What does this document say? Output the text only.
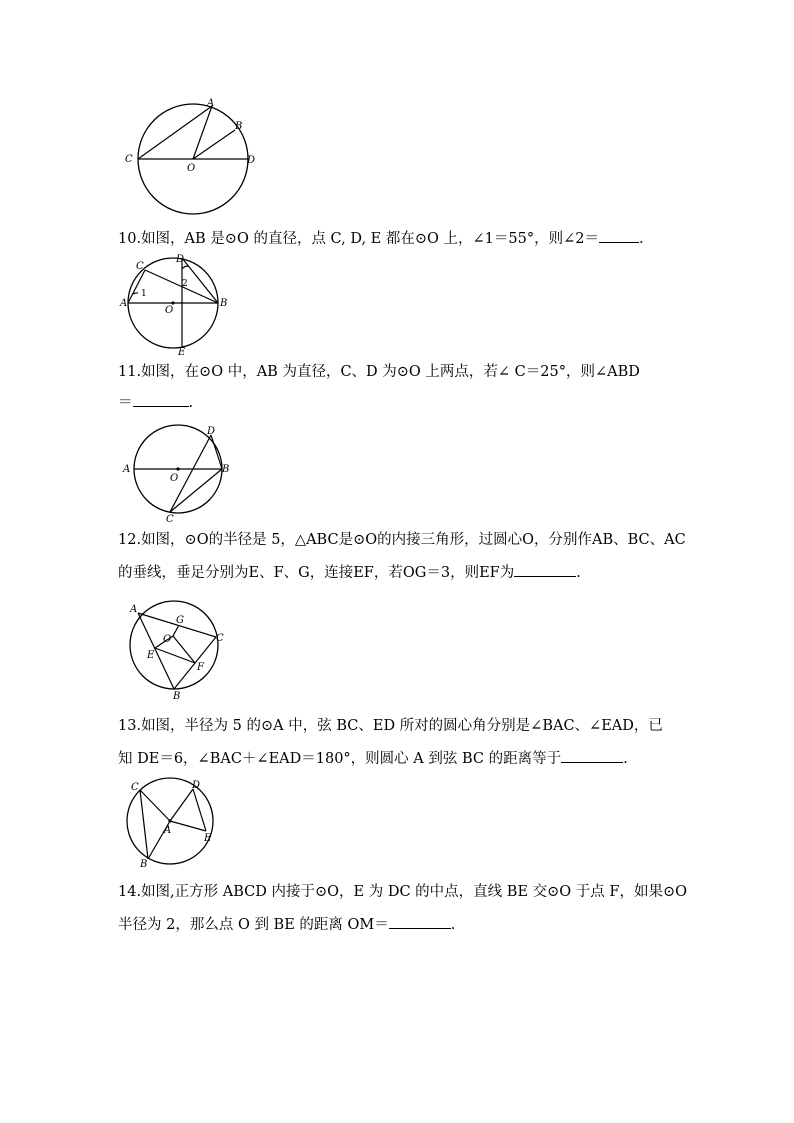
A
B
C	D
O
10.如图，AB 是⊙O 的直径，点 C, D, E 都在⊙O 上，∠1＝55°，则∠2＝	.
C
D
A	B
E
O
1
2
11.如图，在⊙O 中，AB 为直径，C、D 为⊙O 上两点，若∠ C＝25°，则∠ABD
＝	.
A	B
C
D
O
12.如图，⊙O的半径是 5，△ABC是⊙O的内接三角形，过圆心O，分别作AB、BC、AC
的垂线，垂足分别为E、F、G，连接EF，若OG＝3，则EF为	.
A
B
C
E
F
G
O
13.如图，半径为 5 的⊙A 中，弦 BC、ED 所对的圆心角分别是∠BAC、∠EAD，已
知 DE＝6，∠BAC＋∠EAD＝180°，则圆心 A 到弦 BC 的距离等于	.
C	D
A
E
B
14.如图,正方形 ABCD 内接于⊙O，E 为 DC 的中点，直线 BE 交⊙O 于点 F，如果⊙O
半径为 2，那么点 O 到 BE 的距离 OM＝	.
